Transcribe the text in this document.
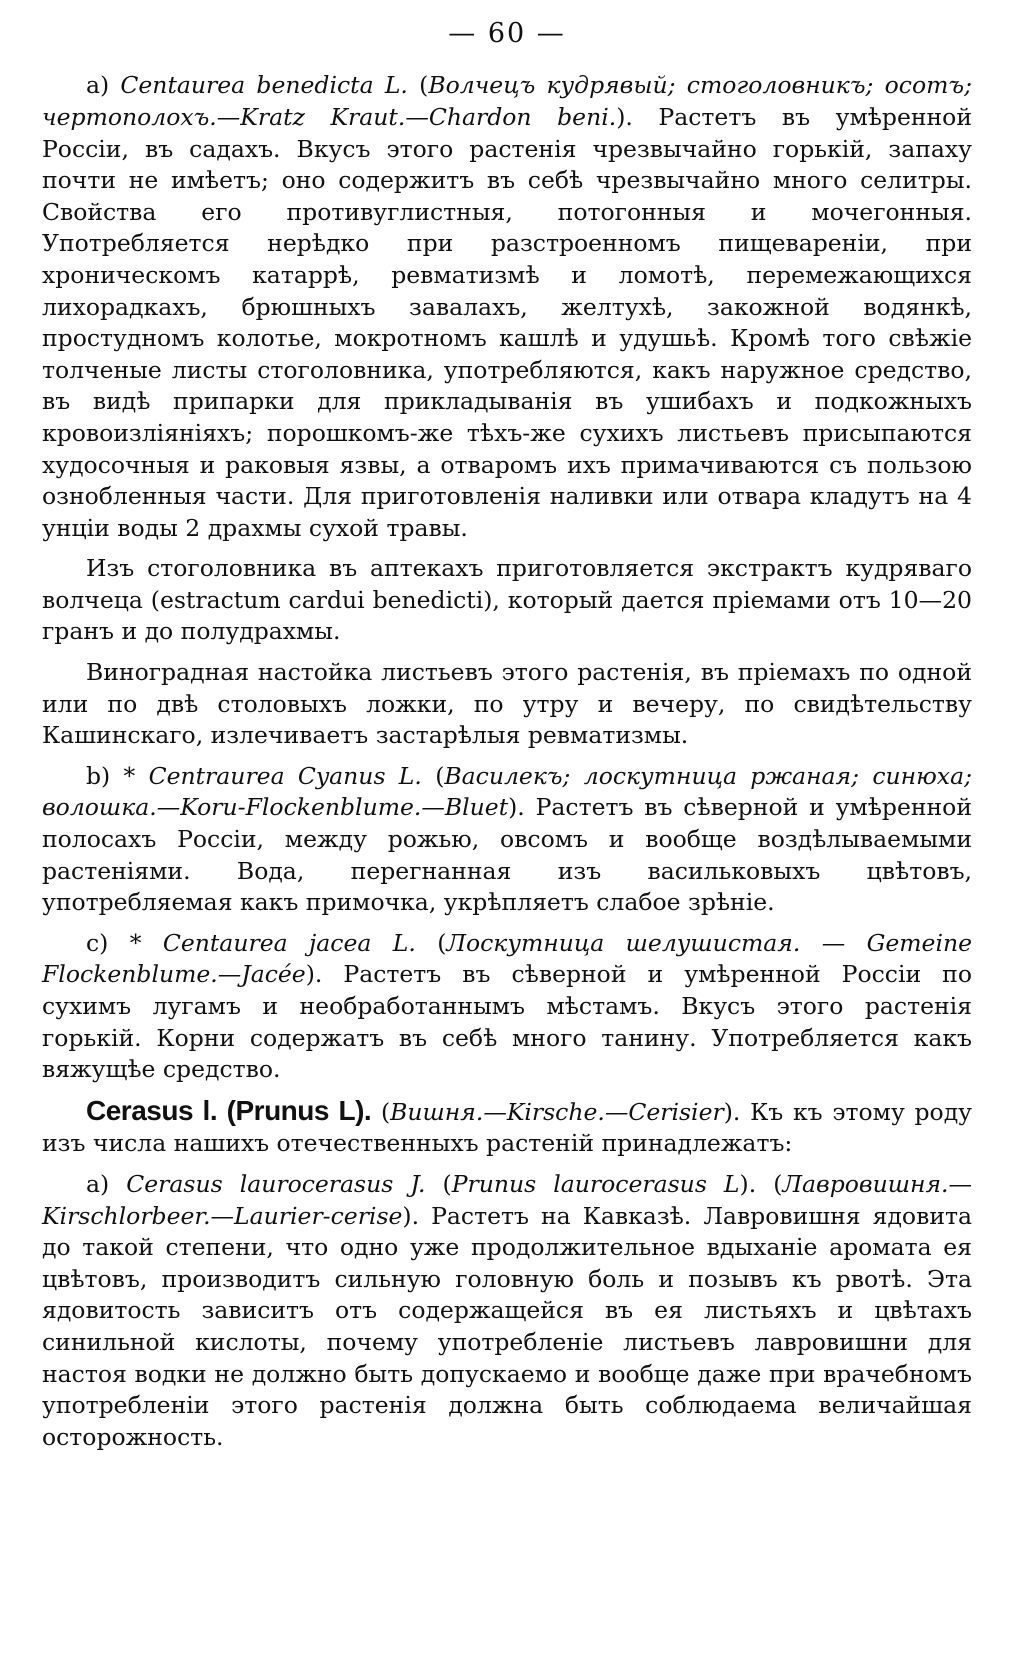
— 60 —

a) Centaurea benedicta L. (Волчецъ кудрявый; стоголовникъ; осотъ; чертополохъ.—Kratz Kraut.—Chardon beni.). Растетъ въ умѣренной Россіи, въ садахъ. Вкусъ этого растенія чрезвычайно горькій, запаху почти не имѣетъ; оно содержитъ въ себѣ чрезвычайно много селитры. Свойства его противуглистныя, потогонныя и мочегонныя. Употребляется нерѣдко при разстроенномъ пищевареніи, при хроническомъ катаррѣ, ревматизмѣ и ломотѣ, перемежающихся лихорадкахъ, брюшныхъ завалахъ, желтухѣ, закожной водянкѣ, простудномъ колотье, мокротномъ кашлѣ и удушьѣ. Кромѣ того свѣжіе толченые листы стоголовника, употребляются, какъ наружное средство, въ видѣ припарки для прикладыванія въ ушибахъ и подкожныхъ кровоизліяніяхъ; порошкомъ-же тѣхъ-же сухихъ листьевъ присыпаются худосочныя и раковыя язвы, а отваромъ ихъ примачиваются съ пользою ознобленныя части. Для приготовленія наливки или отвара кладутъ на 4 унціи воды 2 драхмы сухой травы.

Изъ стоголовника въ аптекахъ приготовляется экстрактъ кудряваго волчеца (estractum cardui benedicti), который дается пріемами отъ 10—20 гранъ и до полудрахмы.

Виноградная настойка листьевъ этого растенія, въ пріемахъ по одной или по двѣ столовыхъ ложки, по утру и вечеру, по свидѣтельству Кашинскаго, излечиваетъ застарѣлыя ревматизмы.

b) * Centraurea Cyanus L. (Василекъ; лоскутница ржаная; синюха; волошка.—Koru-Flockenblume.—Bluet). Растетъ въ сѣверной и умѣренной полосахъ Россіи, между рожью, овсомъ и вообще воздѣлываемыми растеніями. Вода, перегнанная изъ васильковыхъ цвѣтовъ, употребляемая какъ примочка, укрѣпляетъ слабое зрѣніе.

c) * Centaurea jacea L. (Лоскутница шелушистая. — Gemeine Flockenblume.—Jacée). Растетъ въ сѣверной и умѣренной Россіи по сухимъ лугамъ и необработаннымъ мѣстамъ. Вкусъ этого растенія горькій. Корни содержатъ въ себѣ много танину. Употребляется какъ вяжущѣе средство.

Cerasus l. (Prunus L). (Вишня.—Kirsche.—Cerisier). Къ къ этому роду изъ числа нашихъ отечественныхъ растеній принадлежатъ:

a) Cerasus laurocerasus J. (Prunus laurocerasus L). (Лавровишня.—Kirschlorbeer.—Laurier-cerise). Растетъ на Кавказѣ. Лавровишня ядовита до такой степени, что одно уже продолжительное вдыханіе аромата ея цвѣтовъ, производитъ сильную головную боль и позывъ къ рвотѣ. Эта ядовитость зависитъ отъ содержащейся въ ея листьяхъ и цвѣтахъ синильной кислоты, почему употребленіе листьевъ лавровишни для настоя водки не должно быть допускаемо и вообще даже при врачебномъ употребленіи этого растенія должна быть соблюдаема величайшая осторожность.
